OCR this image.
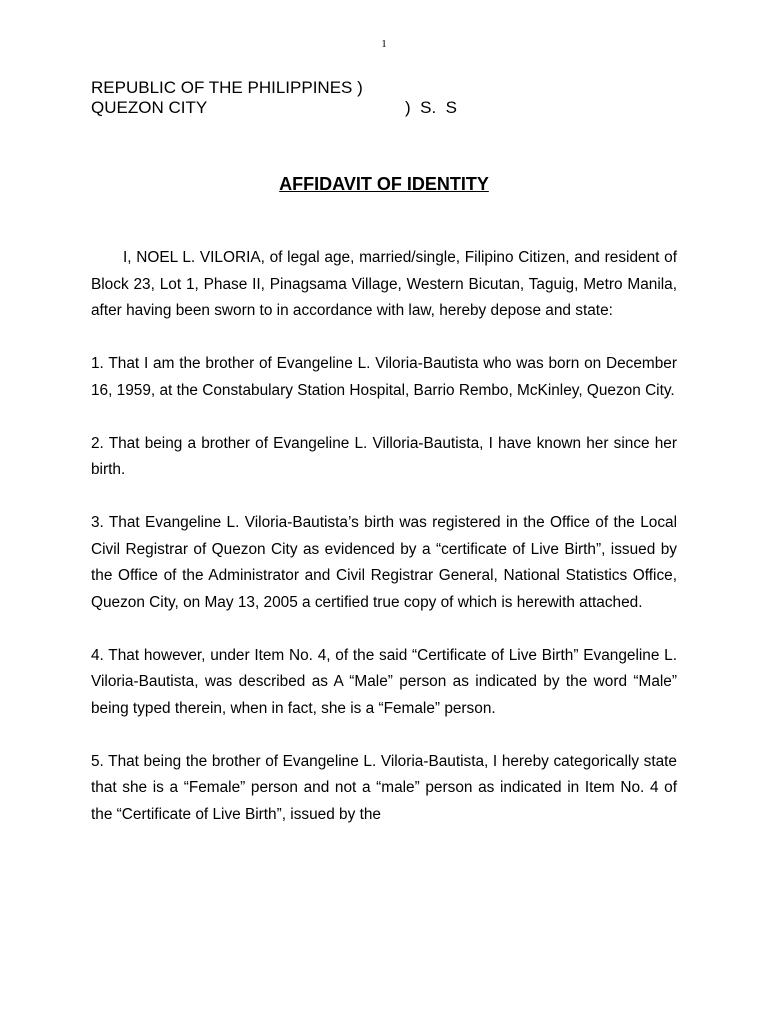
1
REPUBLIC OF THE PHILIPPINES )
QUEZON CITY	)  S.  S
AFFIDAVIT OF IDENTITY

I, NOEL L. VILORIA, of legal age, married/single, Filipino Citizen, and resident of Block 23, Lot 1, Phase II, Pinagsama Village, Western Bicutan, Taguig, Metro Manila, after having been sworn to in accordance with law, hereby depose and state:

1. That I am the brother of Evangeline L. Viloria-Bautista who was born on December 16, 1959, at the Constabulary Station Hospital, Barrio Rembo, McKinley, Quezon City.

2. That being a brother of Evangeline L. Villoria-Bautista, I have known her since her birth.

3. That Evangeline L. Viloria-Bautista’s birth was registered in the Office of the Local Civil Registrar of Quezon City as evidenced by a “certificate of Live Birth”, issued by the Office of the Administrator and Civil Registrar General, National Statistics Office, Quezon City, on May 13, 2005 a certified true copy of which is herewith attached.

4. That however, under Item No. 4, of the said “Certificate of Live Birth” Evangeline L. Viloria-Bautista, was described as A “Male” person as indicated by the word “Male” being typed therein, when in fact, she is a “Female” person.

5. That being the brother of Evangeline L. Viloria-Bautista, I hereby categorically state that she is a “Female” person and not a “male” person as indicated in Item No. 4 of the “Certificate of Live Birth”, issued by the
